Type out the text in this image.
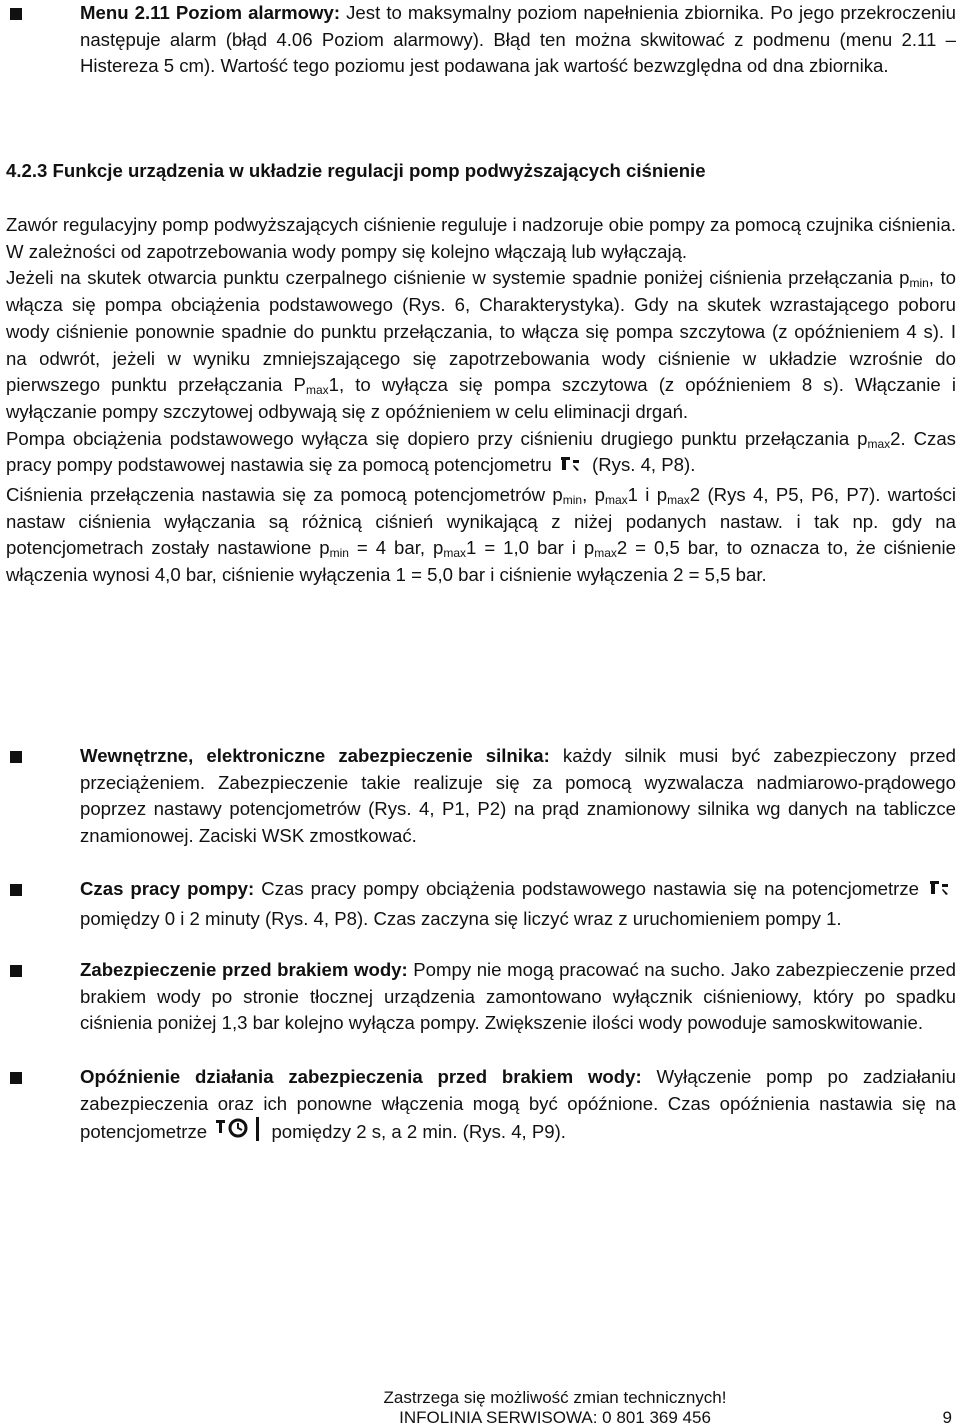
Menu 2.11 Poziom alarmowy: Jest to maksymalny poziom napełnienia zbiornika. Po jego przekroczeniu następuje alarm (błąd 4.06 Poziom alarmowy). Błąd ten można skwitować z podmenu (menu 2.11 – Histereza 5 cm). Wartość tego poziomu jest podawana jak wartość bezwzględna od dna zbiornika.
4.2.3 Funkcje urządzenia w układzie regulacji pomp podwyższających ciśnienie

Zawór regulacyjny pomp podwyższających ciśnienie reguluje i nadzoruje obie pompy za pomocą czujnika ciśnienia. W zależności od zapotrzebowania wody pompy się kolejno włączają lub wyłączają.

Jeżeli na skutek otwarcia punktu czerpalnego ciśnienie w systemie spadnie poniżej ciśnienia przełączania $p_{min}$, to włącza się pompa obciążenia podstawowego (Rys. 6, Charakterystyka). Gdy na skutek wzrastającego poboru wody ciśnienie ponownie spadnie do punktu przełączania, to włącza się pompa szczytowa (z opóźnieniem 4 s). I na odwrót, jeżeli w wyniku zmniejszającego się zapotrzebowania wody ciśnienie w układzie wzrośnie do pierwszego punktu przełączania $P_{max}1$, to wyłącza się pompa szczytowa (z opóźnieniem 8 s). Włączanie i wyłączanie pompy szczytowej odbywają się z opóźnieniem w celu eliminacji drgań.

Pompa obciążenia podstawowego wyłącza się dopiero przy ciśnieniu drugiego punktu przełączania $p_{max}2$. Czas pracy pompy podstawowej nastawia się za pomocą potencjometru (Rys. 4, P8).

Ciśnienia przełączenia nastawia się za pomocą potencjometrów $p_{min}$, $p_{max}1$ i $p_{max}2$ (Rys 4, P5, P6, P7). wartości nastaw ciśnienia wyłączania są różnicą ciśnień wynikającą z niżej podanych nastaw. i tak np. gdy na potencjometrach zostały nastawione $p_{min} = 4$ bar, $p_{max}1 = 1,0$ bar i $p_{max}2 = 0,5$ bar, to oznacza to, że ciśnienie włączenia wynosi 4,0 bar, ciśnienie wyłączenia 1 = 5,0 bar i ciśnienie wyłączenia 2 = 5,5 bar.

Wewnętrzne, elektroniczne zabezpieczenie silnika: każdy silnik musi być zabezpieczony przed przeciążeniem. Zabezpieczenie takie realizuje się za pomocą wyzwalacza nadmiarowo-prądowego poprzez nastawy potencjometrów (Rys. 4, P1, P2) na prąd znamionowy silnika wg danych na tabliczce znamionowej. Zaciski WSK zmostkować.
Czas pracy pompy: Czas pracy pompy obciążenia podstawowego nastawia się na potencjometrze  pomiędzy 0 i 2 minuty (Rys. 4, P8). Czas zaczyna się liczyć wraz z uruchomieniem pompy 1.
Zabezpieczenie przed brakiem wody: Pompy nie mogą pracować na sucho. Jako zabezpieczenie przed brakiem wody po stronie tłocznej urządzenia zamontowano wyłącznik ciśnieniowy, który po spadku ciśnienia poniżej 1,3 bar kolejno wyłącza pompy. Zwiększenie ilości wody powoduje samoskwitowanie.
Opóźnienie działania zabezpieczenia przed brakiem wody: Wyłączenie pomp po zadziałaniu zabezpieczenia oraz ich ponowne włączenia mogą być opóźnione. Czas opóźnienia nastawia się na potencjometrze	pomiędzy 2 s, a 2 min. (Rys. 4, P9).
Zastrzega się możliwość zmian technicznych!
INFOLINIA SERWISOWA: 0 801 369 456	9
